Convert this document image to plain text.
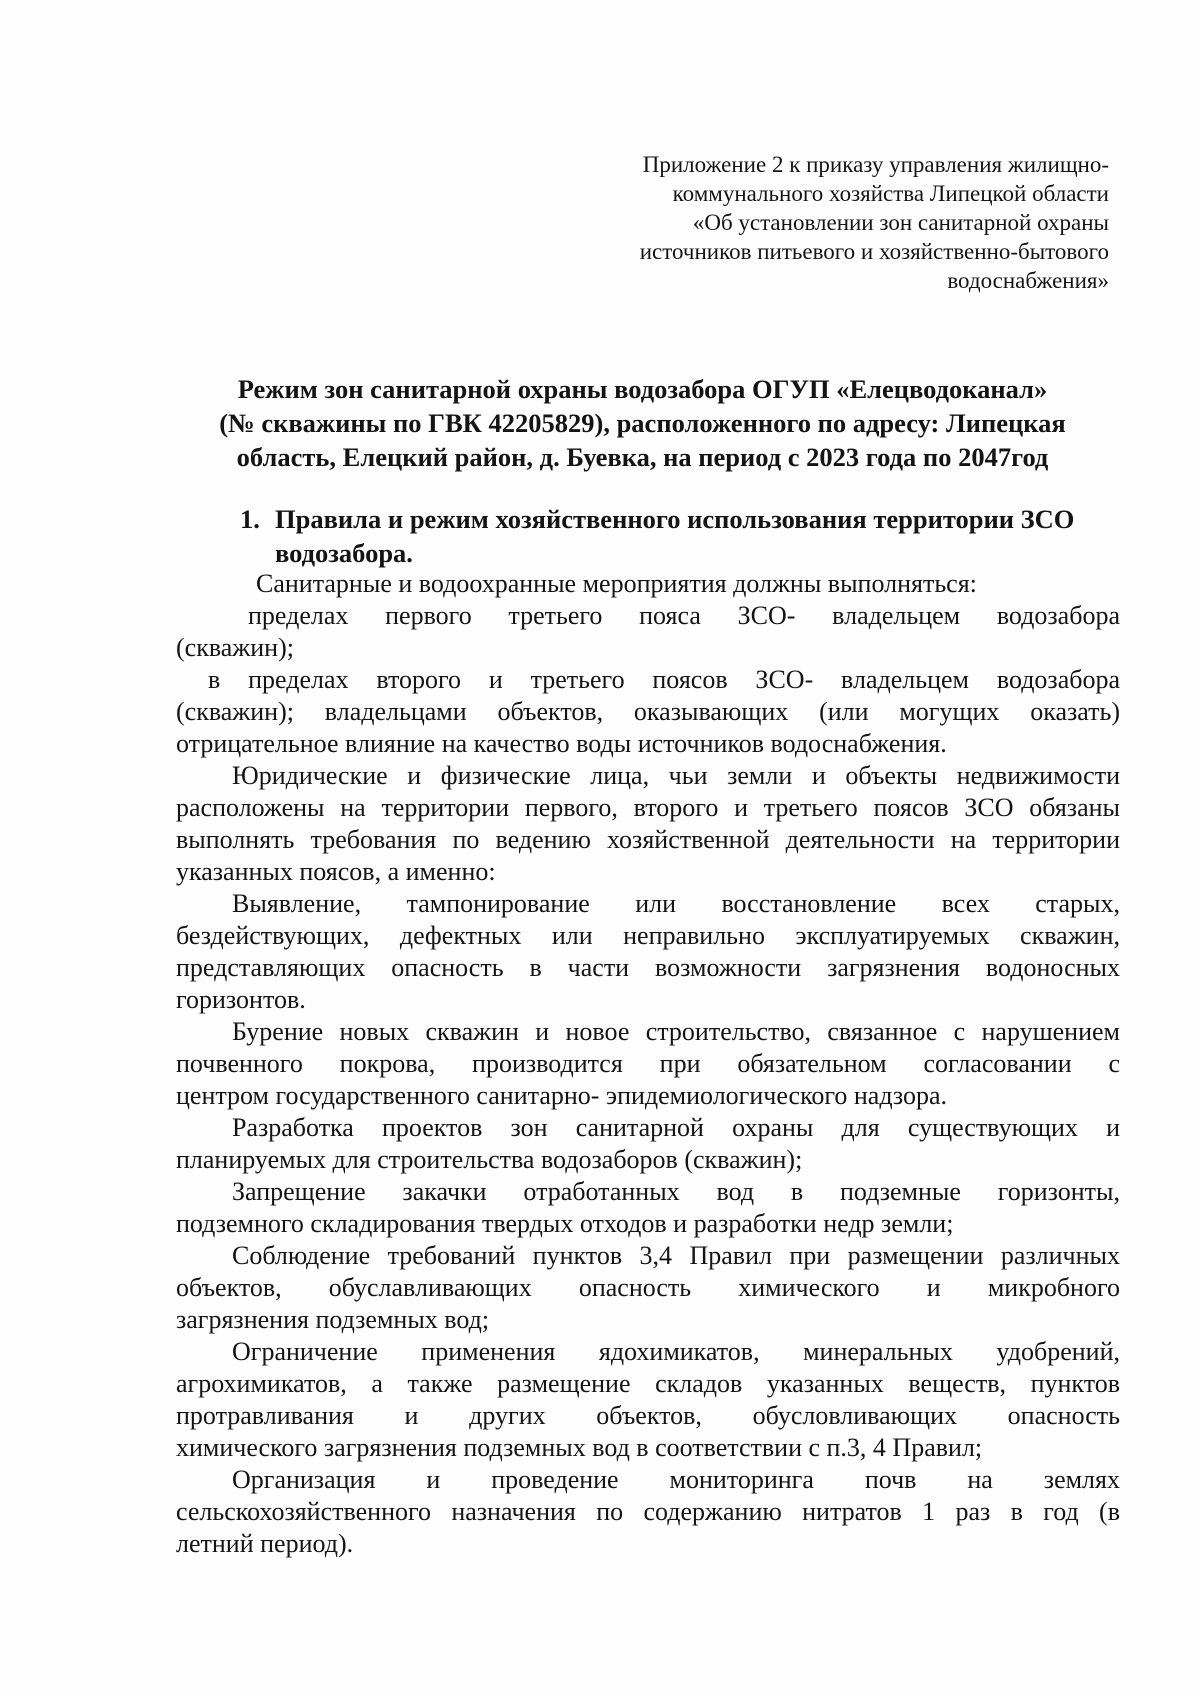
Приложение 2 к приказу управления жилищно-
коммунального хозяйства Липецкой области
«Об установлении зон санитарной охраны
источников питьевого и хозяйственно-бытового
водоснабжения»
Режим зон санитарной охраны водозабора ОГУП «Елецводоканал»
(№ скважины по ГВК 42205829), расположенного по адресу: Липецкая
область, Елецкий район, д. Буевка, на период с 2023 года по 2047год
1. Правила и режим хозяйственного использования территории ЗСО
водозабора.
Санитарные и водоохранные мероприятия должны выполняться:
пределах первого третьего пояса ЗСО- владельцем водозабора
(скважин);
в пределах второго и третьего поясов ЗСО- владельцем водозабора
(скважин); владельцами объектов, оказывающих (или могущих оказать)
отрицательное влияние на качество воды источников водоснабжения.
Юридические и физические лица, чьи земли и объекты недвижимости
расположены на территории первого, второго и третьего поясов ЗСО обязаны
выполнять требования по ведению хозяйственной деятельности на территории
указанных поясов, а именно:
Выявление, тампонирование или восстановление всех старых,
бездействующих, дефектных или неправильно эксплуатируемых скважин,
представляющих опасность в части возможности загрязнения водоносных
горизонтов.
Бурение новых скважин и новое строительство, связанное с нарушением
почвенного покрова, производится при обязательном согласовании с
центром государственного санитарно- эпидемиологического надзора.
Разработка проектов зон санитарной охраны для существующих и
планируемых для строительства водозаборов (скважин);
Запрещение закачки отработанных вод в подземные горизонты,
подземного складирования твердых отходов и разработки недр земли;
Соблюдение требований пунктов 3,4 Правил при размещении различных
объектов, обуславливающих опасность химического и микробного
загрязнения подземных вод;
Ограничение применения ядохимикатов, минеральных удобрений,
агрохимикатов, а также размещение складов указанных веществ, пунктов
протравливания и других объектов, обусловливающих опасность
химического загрязнения подземных вод в соответствии с п.3, 4 Правил;
Организация и проведение мониторинга почв на землях
сельскохозяйственного назначения по содержанию нитратов 1 раз в год (в
летний период).
